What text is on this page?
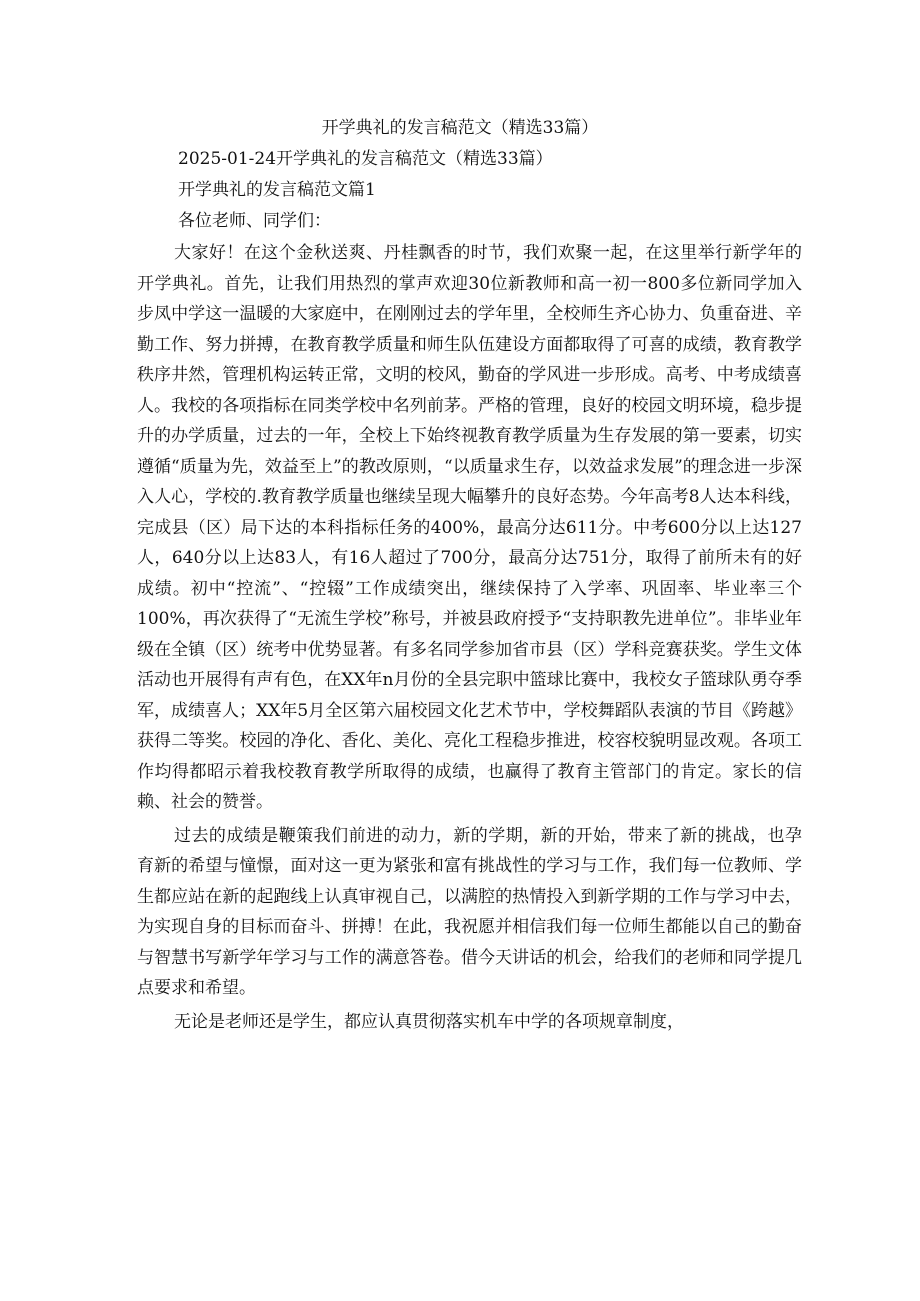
开学典礼的发言稿范文（精选33篇）
2025-01-24开学典礼的发言稿范文（精选33篇）
开学典礼的发言稿范文篇1
各位老师、同学们：

大家好！在这个金秋送爽、丹桂飘香的时节，我们欢聚一起，在这里举行新学年的开学典礼。首先，让我们用热烈的掌声欢迎30位新教师和高一初一800多位新同学加入步凤中学这一温暖的大家庭中，在刚刚过去的学年里，全校师生齐心协力、负重奋进、辛勤工作、努力拼搏，在教育教学质量和师生队伍建设方面都取得了可喜的成绩，教育教学秩序井然，管理机构运转正常，文明的校风，勤奋的学风进一步形成。高考、中考成绩喜人。我校的各项指标在同类学校中名列前茅。严格的管理，良好的校园文明环境，稳步提升的办学质量，过去的一年，全校上下始终视教育教学质量为生存发展的第一要素，切实遵循“质量为先，效益至上”的教改原则，“以质量求生存，以效益求发展”的理念进一步深入人心，学校的.教育教学质量也继续呈现大幅攀升的良好态势。今年高考8人达本科线，完成县（区）局下达的本科指标任务的400%，最高分达611分。中考600分以上达127人，640分以上达83人，有16人超过了700分，最高分达751分，取得了前所未有的好成绩。初中“控流”、“控辍”工作成绩突出，继续保持了入学率、巩固率、毕业率三个100%，再次获得了“无流生学校”称号，并被县政府授予“支持职教先进单位”。非毕业年级在全镇（区）统考中优势显著。有多名同学参加省市县（区）学科竞赛获奖。学生文体活动也开展得有声有色，在XX年n月份的全县完职中篮球比赛中，我校女子篮球队勇夺季军，成绩喜人；XX年5月全区第六届校园文化艺术节中，学校舞蹈队表演的节目《跨越》获得二等奖。校园的净化、香化、美化、亮化工程稳步推进，校容校貌明显改观。各项工作均得都昭示着我校教育教学所取得的成绩，也赢得了教育主管部门的肯定。家长的信赖、社会的赞誉。

过去的成绩是鞭策我们前进的动力，新的学期，新的开始，带来了新的挑战，也孕育新的希望与憧憬，面对这一更为紧张和富有挑战性的学习与工作，我们每一位教师、学生都应站在新的起跑线上认真审视自己，以满腔的热情投入到新学期的工作与学习中去，为实现自身的目标而奋斗、拼搏！在此，我祝愿并相信我们每一位师生都能以自己的勤奋与智慧书写新学年学习与工作的满意答卷。借今天讲话的机会，给我们的老师和同学提几点要求和希望。

无论是老师还是学生，都应认真贯彻落实机车中学的各项规章制度，
